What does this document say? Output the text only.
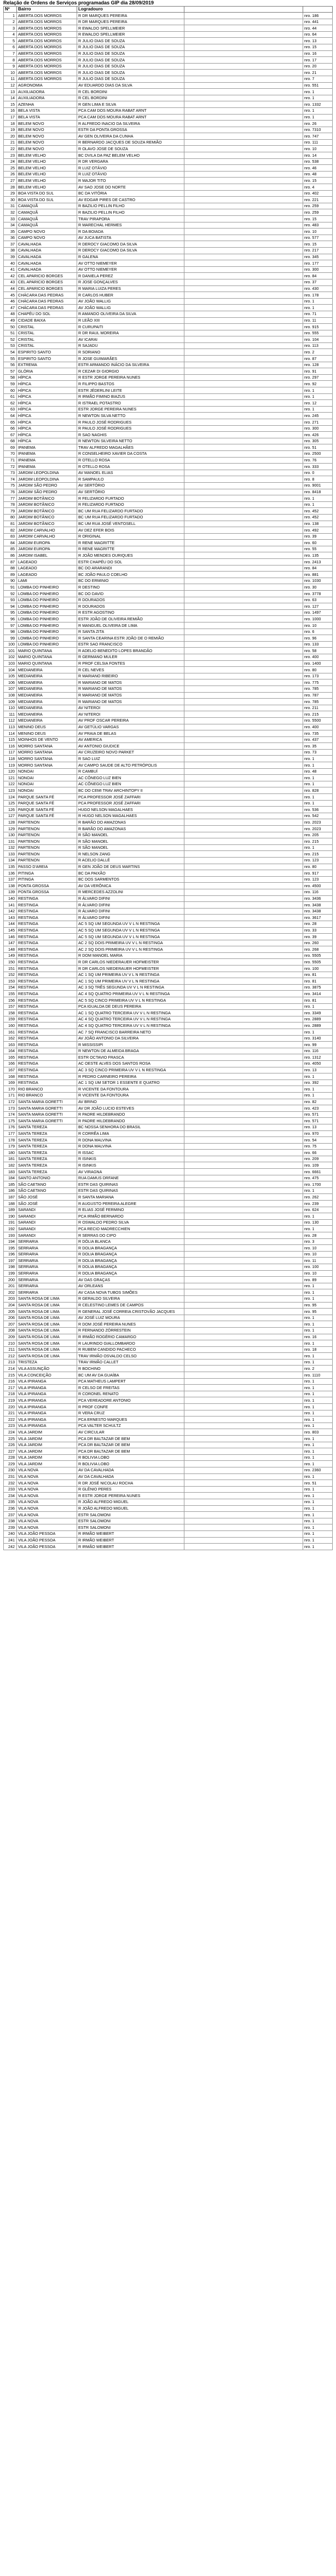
Relação de Ordens de Serviços programadas GIP dia 28/09/2019
Nº	Bairro	Logradouro		
1	ABERTA DOS MORROS	R DR MARQUES PEREIRA		nro. 186
2	ABERTA DOS MORROS	R DR MARQUES PEREIRA		nro. 441
3	ABERTA DOS MORROS	R EWALDO SPELLMEIER		nro. 44
4	ABERTA DOS MORROS	R EWALDO SPELLMEIER		nro. 64
5	ABERTA DOS MORROS	R JULIO DIAS DE SOUZA		nro. 13
6	ABERTA DOS MORROS	R JULIO DIAS DE SOUZA		nro. 15
7	ABERTA DOS MORROS	R JULIO DIAS DE SOUZA		nro. 16
8	ABERTA DOS MORROS	R JULIO DIAS DE SOUZA		nro. 17
9	ABERTA DOS MORROS	R JULIO DIAS DE SOUZA		nro. 20
10	ABERTA DOS MORROS	R JULIO DIAS DE SOUZA		nro. 21
11	ABERTA DOS MORROS	R JULIO DIAS DE SOUZA		nro. 7
12	AGRONOMIA	AV EDUARDO DIAS DA SILVA		nro. 551
13	AUXILIADORA	R CEL BORDINI		nro. 1
14	AUXILIADORA	R CEL BORDINI		nro. 1
15	AZENHA	R GEN LIMA E SILVA		nro. 1332
16	BELA VISTA	PCA CAM DOS MOURA RABAT ARNT		nro. 1
17	BELA VISTA	PCA CAM DOS MOURA RABAT ARNT		nro. 1
18	BELEM NOVO	R ALFREDO INACIO DA SILVEIRA		nro. 26
19	BELEM NOVO	ESTR DA PONTA GROSSA		nro. 7310
20	BELEM NOVO	AV GEN OLIVEIRA DA CUNHA		nro. 747
21	BELEM NOVO	R BERNARDO JACQUES DE SOUZA REMIÃO		nro. 111
22	BELEM NOVO	R OLAVO JOSE DE SOUZA		nro. 10
23	BELEM VELHO	BC DVILA DA PAZ BELEM VELHO		nro. 14
24	BELEM VELHO	R DR VERGARA		nro. 538
25	BELEM VELHO	R LUIZ OTÁVIO		nro. 46
26	BELEM VELHO	R LUIZ OTÁVIO		nro. 48
27	BELEM VELHO	R MAJOR TITO		nro. 15
28	BELEM VELHO	AV SAO JOSE DO NORTE		nro. 4
29	BOA VISTA DO SUL	BC DA VITÓRIA		nro. 402
30	BOA VISTA DO SUL	AV EDGAR PIRES DE CASTRO		nro. 221
31	CAMAQUÃ	R BAZILIO PELLIN FILHO		nro. 259
32	CAMAQUÃ	R BAZILIO PELLIN FILHO		nro. 259
33	CAMAQUÃ	TRAV PIRAPORA		nro. 15
34	CAMAQUÃ	R MARECHAL HERMES		nro. 483
35	CAMPO NOVO	R DA BOIADA		nro. 10
36	CAMPO NOVO	AV JUCA BATISTA		nro. 577
37	CAVALHADA	R DEROCY GIACOMO DA SILVA		nro. 15
38	CAVALHADA	R DEROCY GIACOMO DA SILVA		nro. 217
39	CAVALHADA	R GALENA		nro. 345
40	CAVALHADA	AV OTTO NIEMEYER		nro. 177
41	CAVALHADA	AV OTTO NIEMEYER		nro. 300
42	CEL APARICIO BORGES	R DANIELA PEREZ		nro. 84
43	CEL APARICIO BORGES	R JOSE GONÇALVES		nro. 37
44	CEL APARICIO BORGES	R MARIA LUIZA PERES		nro. 430
45	CHÁCARA DAS PEDRAS	R CARLOS HUBER		nro. 178
46	CHÁCARA DAS PEDRAS	AV JOÃO WALLIG		nro. 1
47	CHÁCARA DAS PEDRAS	AV JOÃO WALLIG		nro. 1
48	CHAPÉU DO SOL	R AMANDO OLIVEIRA DA SILVA		nro. 71
49	CIDADE BAIXA	R LEÃO XIII		nro. 11
50	CRISTAL	R CURUPAITI		nro. 915
51	CRISTAL	R DR RAUL MOREIRA		nro. 555
52	CRISTAL	AV ICARAI		nro. 104
53	CRISTAL	R SAJADU		nro. 113
54	ESPIRITO SANTO	R SORIANO		nro. 2
55	ESPIRITO SANTO	R JOSE GUIMARÃES		nro. 87
56	EXTREMA	ESTR ARMANDO INÁCIO DA SILVEIRA		nro. 128
57	GLÓRIA	R CEZAR DI GIORGIO		nro. 91
58	HÍPICA	R ESTR JORGE PEREIRA NUNES		nro. 297
59	HÍPICA	R FILIPPO BASTOS		nro. 92
60	HÍPICA	ESTR JÉDERLINI LEITE		nro. 1
61	HÍPICA	R IRMÃO FIMINO BIAZUS		nro. 1
62	HÍPICA	R ISTRAEL POTASTRO		nro. 12
63	HÍPICA	ESTR JORGE PEREIRA NUNES		nro. 1
64	HÍPICA	R NEWTON SILVA NETTO		nro. 245
65	HÍPICA	R PAULO JOSÉ RODRIGUES		nro. 271
66	HÍPICA	R PAULO JOSÉ RODRIGUES		nro. 300
67	HÍPICA	R SAO NAGHIS		nro. 426
68	HÍPICA	R NEWTON SILVEIRA NETTO		nro. 305
69	IPANEMA	TRAV ALFREDO MAGALHÃES		nro. 51
70	IPANEMA	R CONSELHEIRO XAVIER DA COSTA		nro. 2500
71	IPANEMA	R OTELLO ROSA		nro. 76
72	IPANEMA	R OTELLO ROSA		nro. 333
73	JARDIM LEOPOLDINA	AV MANOEL ELIAS		nro. 0
74	JARDIM LEOPOLDINA	R SAMPAULO		nro. 8
75	JARDIM SÃO PEDRO	AV SERTÓRIO		nro. 9001
76	JARDIM SÃO PEDRO	AV SERTÓRIO		nro. 8418
77	JARDIM BOTÂNICO	R FELIZARDO FURTADO		nro. 1
78	JARDIM BOTÂNICO	R FELIZARDO FURTADO		nro. 1
79	JARDIM BOTÂNICO	BC UM RUA FELIZARDO FURTADO		nro. 452
80	JARDIM BOTÂNICO	BC UM RUA FELIZARDO FURTADO		nro. 452
81	JARDIM BOTÂNICO	BC UM RUA JOSÉ VENTOSELL		nro. 138
82	JARDIM CARVALHO	AV DEZ EFER BOIS		nro. 492
83	JARDIM CARVALHO	R ORIGINAL		nro. 39
84	JARDIM EUROPA	R RENE MAGRITTE		nro. 60
85	JARDIM EUROPA	R RENE MAGRITTE		nro. 55
86	JARDIM ISABEL	R JOÃO MENDES OURIQUES		nro. 135
87	LAGEADO	ESTR CHAPÉU DO SOL		nro. 2413
88	LAGEADO	BC DO ARARANDI		nro. 84
89	LAGEADO	BC JOÃO PAULO COELHO		nro. 881
90	LAMI	BC DO ERMINIO		nro. 1030
91	LOMBA DO PINHEIRO	R DESTINO		nro. 30
92	LOMBA DO PINHEIRO	BC DO DAVID		nro. 3778
93	LOMBA DO PINHEIRO	R DOURADOS		nro. 63
94	LOMBA DO PINHEIRO	R DOURADOS		nro. 127
95	LOMBA DO PINHEIRO	R ESTR AGOSTINO		nro. 1497
96	LOMBA DO PINHEIRO	ESTR JOÃO DE OLIVEIRA REMIÃO		nro. 1000
97	LOMBA DO PINHEIRO	R MANGUEL OLIVEIRA DE LIMA		nro. 10
98	LOMBA DO PINHEIRO	R SANTA ZITA		nro. 6
99	LOMBA DO PINHEIRO	R SANTA CEARINA ESTR JOÃO DE O REMIÃO		nro. 96
100	LOMBA DO PINHEIRO	ESTR SAO FRANCISCO		nro. 133
101	MARIO QUINTANA	R ADELIO BENEDITO LOPES BRANDÃO		nro. 58
102	MARIO QUINTANA	R GERMANO MULER		nro. 400
103	MARIO QUINTANA	R PROF CELSIA FONTES		nro. 1400
104	MEDIANEIRA	R CEL NEVES		nro. 80
105	MEDIANEIRA	R MARIANO RIBEIRO		nro. 173
106	MEDIANEIRA	R MARIANO DE MATOS		nro. 775
107	MEDIANEIRA	R MARIANO DE MATOS		nro. 785
108	MEDIANEIRA	R MARIANO DE MATOS		nro. 787
109	MEDIANEIRA	R MARIANO DE MATOS		nro. 785
110	MEDIANEIRA	AV NITEROI		nro. 211
111	MEDIANEIRA	AV NITEROI		nro. 215
112	MEDIANEIRA	AV PROF OSCAR PEREIRA		nro. 5500
113	MENINO DEUS	AV GETÚLIO VARGAS		nro. 400
114	MENINO DEUS	AV PRAIA DE BELAS		nro. 735
115	MOINHOS DE VENTO	AV AMERICA		nro. 437
116	MORRO SANTANA	AV ANTONIO GIUDICE		nro. 35
117	MORRO SANTANA	AV CRUZEIRO NOVO PARKET		nro. 73
118	MORRO SANTANA	R SAO LUIZ		nro. 1
119	MORRO SANTANA	AV CAMPO SAUDE DE ALTO PETRÓPOLIS		nro. 1
120	NONOAI	R CAMBUÍ		nro. 48
121	NONOAI	AC CÔNEGO LUZ BIEN		nro. 1
122	NONOAI	AC CÔNEGO LUZ BIEN		nro. 1
123	NONOAI	BC DO CEMI TRAV ARCHINTOPY II		nro. 828
124	PARQUE SANTA FÉ	PCA PROFESSOR JOSÉ ZAFFARI		nro. 1
125	PARQUE SANTA FÉ	PCA PROFESSOR JOSÉ ZAFFARI		nro. 1
126	PARQUE SANTA FÉ	HUGO NELSON MAGALHAES		nro. 536
127	PARQUE SANTA FÉ	R HUGO NELSON MAGALHAES		nro. 542
128	PARTENON	R BARÃO DO AMAZONAS		nro. 2023
129	PARTENON	R BARÃO DO AMAZONAS		nro. 2023
130	PARTENON	R SÃO MANOEL		nro. 205
131	PARTENON	R SÃO MANOEL		nro. 215
132	PARTENON	R SÃO MANOEL		nro. 1
133	PARTENON	R NELSON ZANG		nro. 215
134	PARTENON	R ACELIO DALLÉ		nro. 123
135	PASSO D'AREIA	R GEN JOÃO DE DEUS MARTINS		nro. 80
136	PITINGA	BC DA PAIXÃO		nro. 917
137	PITINGA	BC DOS SARMENTOS		nro. 123
138	PONTA GROSSA	AV DA VERÔNICA		nro. 4500
139	PONTA GROSSA	R MERCEDES AZZOLINI		nro. 116
140	RESTINGA	R ÁLVARO DIFINI		nro. 3436
141	RESTINGA	R ÁLVARO DIFINI		nro. 3438
142	RESTINGA	R ÁLVARO DIFINI		nro. 3438
143	RESTINGA	R ÁLVARO DIFINI		nro. 3617
144	RESTINGA	AC 5 SQ UM SEGUNDA UV V L N RESTINGA		nro. 28
145	RESTINGA	AC 5 SQ UM SEGUNDA UV V L N RESTINGA		nro. 33
146	RESTINGA	AC 5 SQ UM SEGUNDA UV V L N RESTINGA		nro. 39
147	RESTINGA	AC 2 SQ DOIS PRIMEIRA UV V L N RESTINGA		nro. 260
148	RESTINGA	AC 2 SQ DOIS PRIMEIRA UV V L N RESTINGA		nro. 268
149	RESTINGA	R DOM MANOEL MARIA		nro. 5505
150	RESTINGA	R DR CARLOS NIEDERAUER HOFMEISTER		nro. 5505
151	RESTINGA	R DR CARLOS NIEDERAUER HOFMEISTER		nro. 100
152	RESTINGA	AC 1 SQ UM PRIMEIRA UV V L N RESTINGA		nro. 81
153	RESTINGA	AC 1 SQ UM PRIMEIRA UV V L N RESTINGA		nro. 81
154	RESTINGA	AC 3 SQ TRÊS SEGUNDA UV V L N RESTINGA		nro. 3875
155	RESTINGA	AC 4 SQ QUATRO PRIMEIRA UV V L N RESTINGA		nro. 3414
156	RESTINGA	AC 5 SQ CINCO PRIMEIRA UV V L N RESTINGA		nro. 81
157	RESTINGA	PCA IGUALDA DE DEUS PEREIRA		nro. 1
158	RESTINGA	AC 1 SQ QUATRO TERCEIRA UV V L N RESTINGA		nro. 3349
159	RESTINGA	AC 4 SQ QUATRO TERCEIRA UV V L N RESTINGA		nro. 2889
160	RESTINGA	AC 4 SQ QUATRO TERCEIRA UV V L N RESTINGA		nro. 2889
161	RESTINGA	AC 7 SQ FRANCISCO BARREIRA NETO		nro. 1
162	RESTINGA	AV JOÃO ANTONIO DA SILVEIRA		nro. 3140
163	RESTINGA	R MISSISSIPI		nro. 99
164	RESTINGA	R NEWTON DE ALMEIDA BRAGA		nro. 116
165	RESTINGA	ESTR OCTAVIO FRASCA		nro. 1312
166	RESTINGA	AC OESTE ALVES DOS SANTOS ROSA		nro. 4050
167	RESTINGA	AC 3 SQ CINCO PRIMEIRA UV V L N RESTINGA		nro. 13
168	RESTINGA	R PEDRO CARNEIRO PEREIRA		nro. 1
169	RESTINGA	AC 1 SQ UM SETOR 1 ESSENTE E QUATRO		nro. 392
170	RIO BRANCO	R VICENTE DA FONTOURA		nro. 1
171	RIO BRANCO	R VICENTE DA FONTOURA		nro. 1
172	SANTA MARIA GORETTI	AV BRINO		nro. 82
173	SANTA MARIA GORETTI	AV DR JOÃO LUCIO ESTEVES		nro. 423
174	SANTA MARIA GORETTI	R PADRE HILDEBRANDO		nro. 571
175	SANTA MARIA GORETTI	R PADRE HILDEBRANDO		nro. 571
176	SANTA TEREZA	BC NOSSA SENHORA DO BRASIL		nro. 13
177	SANTA TEREZA	R CORRÊA LIMA		nro. 970
178	SANTA TEREZA	R DONA MALVINA		nro. 54
179	SANTA TEREZA	R DONA MALVINA		nro. 75
180	SANTA TEREZA	R ISSAC		nro. 66
181	SANTA TEREZA	R ISINKIS		nro. 209
182	SANTA TEREZA	R ISINKIS		nro. 109
183	SANTA TEREZA	AV VIRAGNA		nro. 6661
184	SANTO ANTONIO	RUA DAMUS DRFANE		nro. 475
185	SÃO CAETANO	ESTR DAS QUIRINAS		nro. 1700
186	SÃO CAETANO	ESTR DAS QUIRINAS		nro. 1
187	SÃO JOSÉ	R SANTA MARIANA		nro. 262
188	SÃO JOSÉ	R AUGUSTO PEREIRA ALEGRE		nro. 239
189	SARANDI	R ELIAS JOSÉ FERMINO		nro. 624
190	SARANDI	PCA IRMÃO BERNARDO		nro. 1
191	SARANDI	R OSWALDO PEDRO SILVA		nro. 130
192	SARANDI	PCA RECIO MADRECCHIEN		nro. 1
193	SARANDI	R SERRAS DO CIPO		nro. 28
194	SERRARIA	R DÓLIA BLANCA		nro. 3
195	SERRARIA	R DOLIA BRAGANÇA		nro. 10
196	SERRARIA	R DOLIA BRAGANÇA		nro. 10
197	SERRARIA	R DOLIA BRAGANÇA		nro. 11
198	SERRARIA	R DOLIA BRAGANÇA		nro. 100
199	SERRARIA	R DOLIA BRAGANÇA		nro. 10
200	SERRARIA	AV DAS GRAÇAS		nro. 89
201	SERRARIA	AV ORLEANS		nro. 1
202	SERRARIA	AV CASA NOVA TUBOS SIMÕES		nro. 1
203	SANTA ROSA DE LIMA	R GERALDO SILVEIRA		nro. 1
204	SANTA ROSA DE LIMA	R CELESTINO LEMES DE CAMPOS		nro. 95
205	SANTA ROSA DE LIMA	R GENERAL JOSÉ CORREIA CRISTOVÃO JACQUES		nro. 95
206	SANTA ROSA DE LIMA	AV JOSÉ LUIZ MOURA		nro. 1
207	SANTA ROSA DE LIMA	R DOM JOSÉ PEREIRA NUNES		nro. 1
208	SANTA ROSA DE LIMA	R FERNANDO ZÓRRESTEIN		nro. 1
209	SANTA ROSA DE LIMA	R IRMÃO ROGÉRIO CAMARGO		nro. 16
210	SANTA ROSA DE LIMA	R LAURINDO GIALLOMBARDO		nro. 1
211	SANTA ROSA DE LIMA	R RUBEM CANDIDO PACHECO		nro. 18
212	SANTA ROSA DE LIMA	TRAV IRMÃO OSVALDO CELSO		nro. 1
213	TRISTEZA	TRAV IRMÃO CALLET		nro. 1
214	VILA ASSUNÇÃO	R BOCHINO		nro. 2
215	VILA CONCEIÇÃO	BC UM AV DA GUAÍBA		nro. 1110
216	VILA IPIRANGA	PCA MATHEUS LAMPERT		nro. 1
217	VILA IPIRANGA	R CELSO DE FREITAS		nro. 1
218	VILA IPIRANGA	R CORONEL RENATO		nro. 1
219	VILA IPIRANGA	PCA VEREADORE ANTONIO		nro. 1
220	VILA IPIRANGA	R PROF CONFE		nro. 1
221	VILA IPIRANGA	R VERA CRUZ		nro. 1
222	VILA IPIRANGA	PCA ERNESTO MARQUES		nro. 1
223	VILA IPIRANGA	PCA VALTER SCHULTZ		nro. 1
224	VILA JARDIM	AV CIRCULAR		nro. 803
225	VILA JARDIM	PCA DR BALTAZAR DE BEM		nro. 1
226	VILA JARDIM	PCA DR BALTAZAR DE BEM		nro. 1
227	VILA JARDIM	PCA DR BALTAZAR DE BEM		nro. 1
228	VILA JARDIM	R BOLIVIA LOBO		nro. 1
229	VILA JARDIM	R BOLIVIA LOBO		nro. 1
230	VILA NOVA	AV DA CAVALHADA		nro. 2360
231	VILA NOVA	AV DA CAVALHADA		nro. 1
232	VILA NOVA	R DR JOSÉ NICOLAU ROCHA		nro. 51
233	VILA NOVA	R GLÊNIO PERES		nro. 1
234	VILA NOVA	R ESTR JORGE PEREIRA NUNES		nro. 1
235	VILA NOVA	R JOÃO ALFREDO MIGUEL		nro. 1
236	VILA NOVA	R JOÃO ALFREDO MIGUEL		nro. 1
237	VILA NOVA	ESTR SALOMONI		nro. 1
238	VILA NOVA	ESTR SALOMONI		nro. 1
239	VILA NOVA	ESTR SALOMONI		nro. 1
240	VILA JOÃO PESSOA	R IRMÃO WEIBERT		nro. 1
241	VILA JOÃO PESSOA	R IRMÃO WEIBERT		nro. 1
242	VILA JOÃO PESSOA	R IRMÃO WEIBERT		nro. 1
